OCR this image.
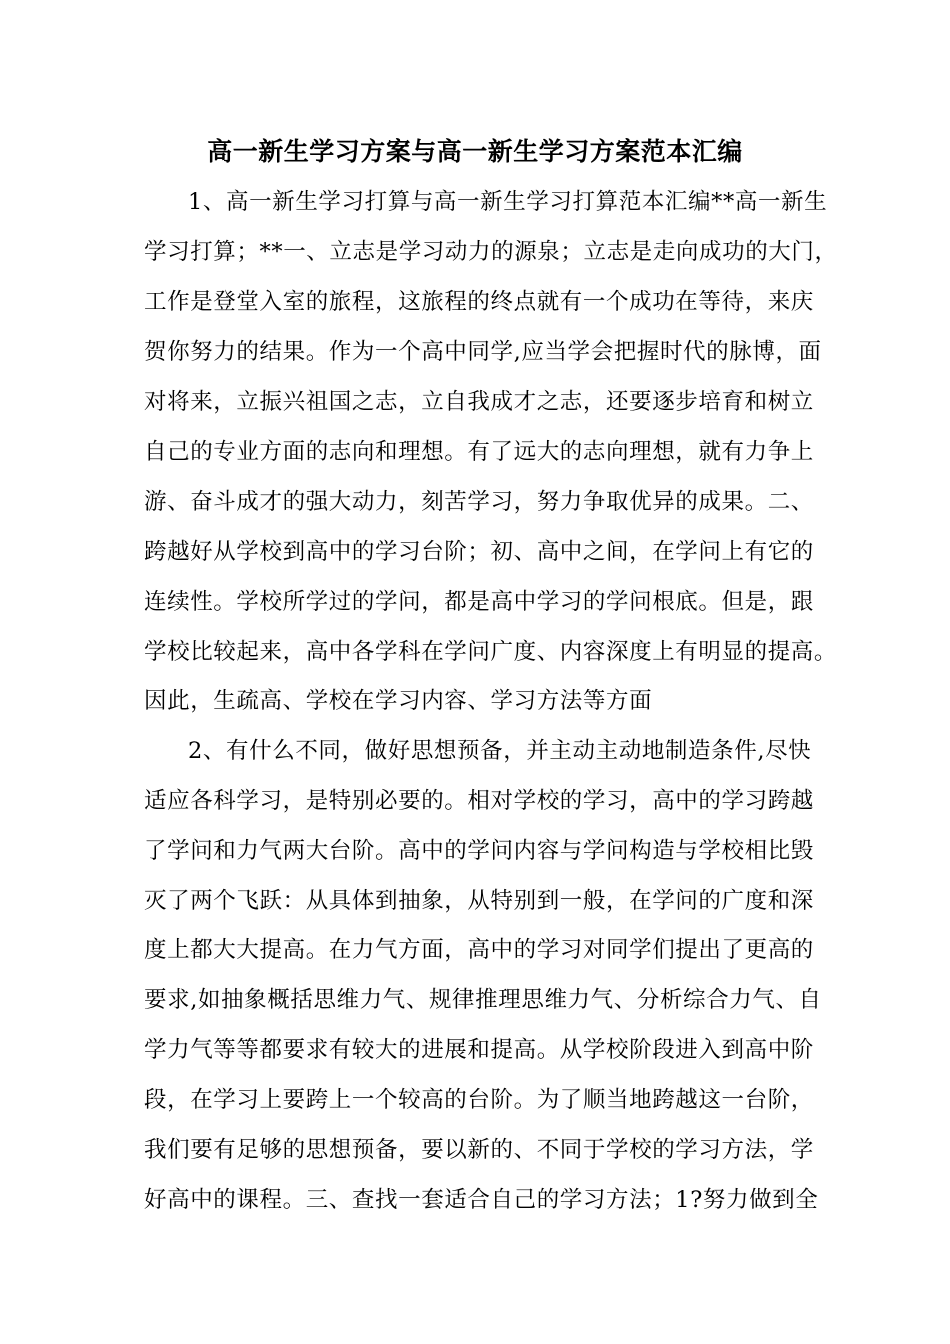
高一新生学习方案与高一新生学习方案范本汇编
1、高一新生学习打算与高一新生学习打算范本汇编**高一新生
学习打算；**一、立志是学习动力的源泉；立志是走向成功的大门，
工作是登堂入室的旅程，这旅程的终点就有一个成功在等待，来庆
贺你努力的结果。作为一个高中同学,应当学会把握时代的脉博，面
对将来，立振兴祖国之志，立自我成才之志，还要逐步培育和树立
自己的专业方面的志向和理想。有了远大的志向理想，就有力争上
游、奋斗成才的强大动力，刻苦学习，努力争取优异的成果。二、
跨越好从学校到高中的学习台阶；初、高中之间，在学问上有它的
连续性。学校所学过的学问，都是高中学习的学问根底。但是，跟
学校比较起来，高中各学科在学问广度、内容深度上有明显的提高。
因此，生疏高、学校在学习内容、学习方法等方面
2、有什么不同，做好思想预备，并主动主动地制造条件,尽快
适应各科学习，是特别必要的。相对学校的学习，高中的学习跨越
了学问和力气两大台阶。高中的学问内容与学问构造与学校相比毁
灭了两个飞跃：从具体到抽象，从特别到一般，在学问的广度和深
度上都大大提高。在力气方面，高中的学习对同学们提出了更高的
要求,如抽象概括思维力气、规律推理思维力气、分析综合力气、自
学力气等等都要求有较大的进展和提高。从学校阶段进入到高中阶
段，在学习上要跨上一个较高的台阶。为了顺当地跨越这一台阶，
我们要有足够的思想预备，要以新的、不同于学校的学习方法，学
好高中的课程。三、查找一套适合自己的学习方法；1?努力做到全
